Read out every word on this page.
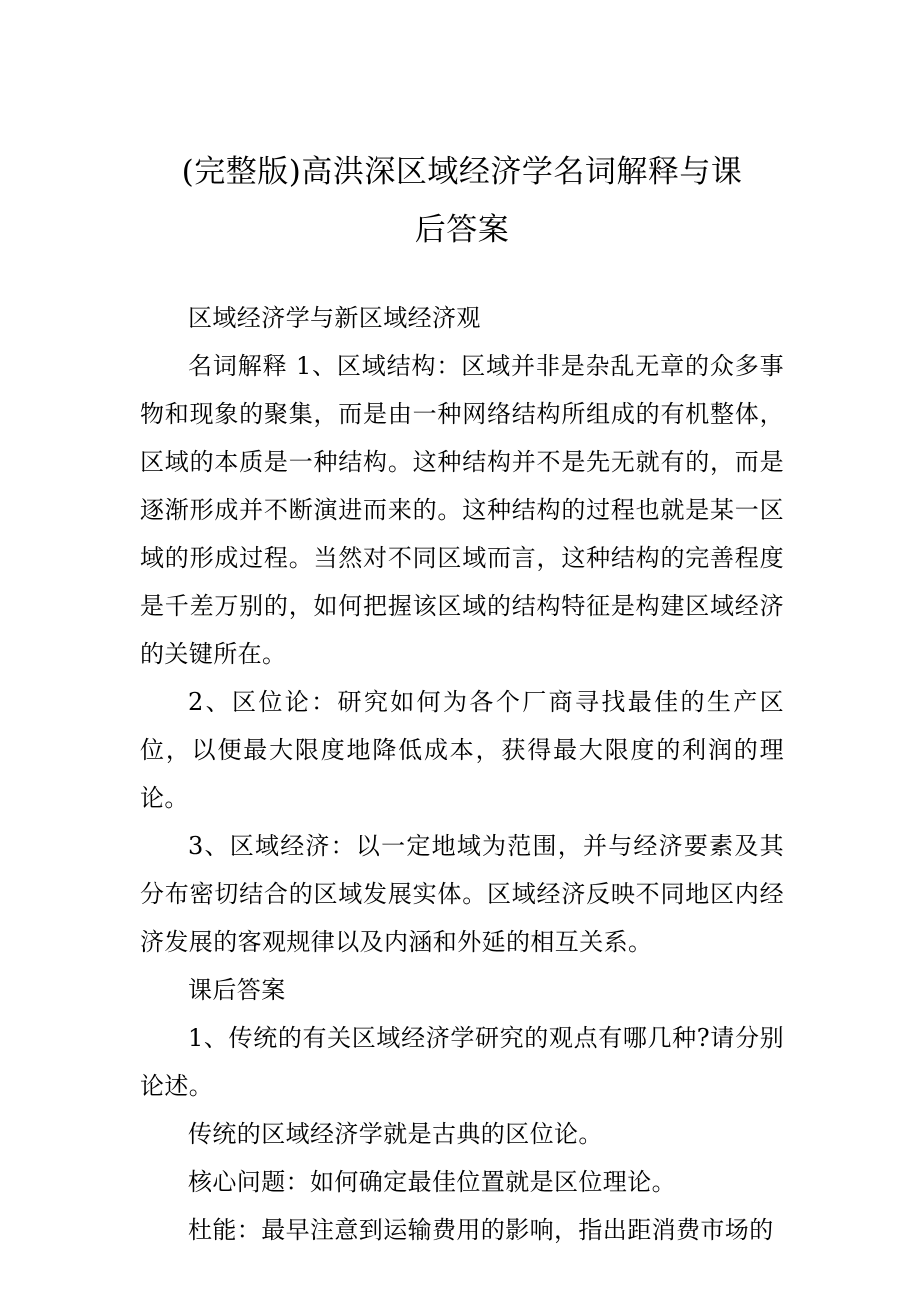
(完整版)高洪深区域经济学名词解释与课
后答案

区域经济学与新区域经济观

名词解释 1、区域结构：区域并非是杂乱无章的众多事物和现象的聚集，而是由一种网络结构所组成的有机整体，区域的本质是一种结构。这种结构并不是先无就有的，而是逐渐形成并不断演进而来的。这种结构的过程也就是某一区域的形成过程。当然对不同区域而言，这种结构的完善程度是千差万别的，如何把握该区域的结构特征是构建区域经济的关键所在。

2、区位论：研究如何为各个厂商寻找最佳的生产区位，以便最大限度地降低成本，获得最大限度的利润的理论。

3、区域经济：以一定地域为范围，并与经济要素及其分布密切结合的区域发展实体。区域经济反映不同地区内经济发展的客观规律以及内涵和外延的相互关系。

课后答案

1、传统的有关区域经济学研究的观点有哪几种?请分别论述。

传统的区域经济学就是古典的区位论。

核心问题：如何确定最佳位置就是区位理论。

杜能：最早注意到运输费用的影响，指出距消费市场的
